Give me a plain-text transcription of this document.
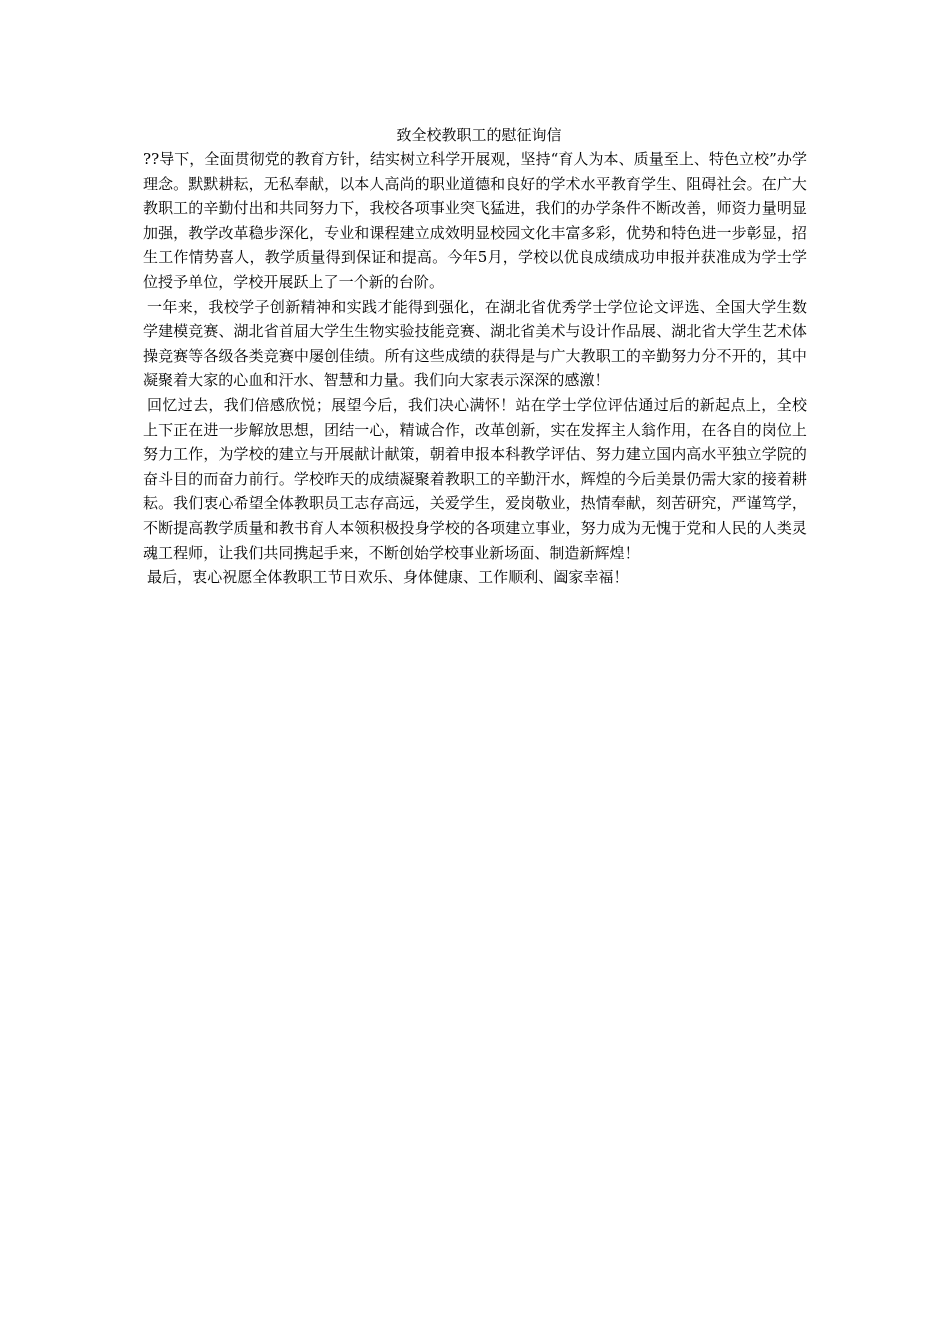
致全校教职工的慰征询信

??导下，全面贯彻党的教育方针，结实树立科学开展观，坚持“育人为本、质量至上、特色立校”办学理念。默默耕耘，无私奉献，以本人高尚的职业道德和良好的学术水平教育学生、阻碍社会。在广大教职工的辛勤付出和共同努力下，我校各项事业突飞猛进，我们的办学条件不断改善，师资力量明显加强，教学改革稳步深化，专业和课程建立成效明显校园文化丰富多彩，优势和特色进一步彰显，招生工作情势喜人，教学质量得到保证和提高。今年5月，学校以优良成绩成功申报并获准成为学士学位授予单位，学校开展跃上了一个新的台阶。

一年来，我校学子创新精神和实践才能得到强化，在湖北省优秀学士学位论文评选、全国大学生数学建模竞赛、湖北省首届大学生生物实验技能竞赛、湖北省美术与设计作品展、湖北省大学生艺术体操竞赛等各级各类竞赛中屡创佳绩。所有这些成绩的获得是与广大教职工的辛勤努力分不开的，其中凝聚着大家的心血和汗水、智慧和力量。我们向大家表示深深的感激！

回忆过去，我们倍感欣悦；展望今后，我们决心满怀！站在学士学位评估通过后的新起点上，全校上下正在进一步解放思想，团结一心，精诚合作，改革创新，实在发挥主人翁作用，在各自的岗位上努力工作，为学校的建立与开展献计献策，朝着申报本科教学评估、努力建立国内高水平独立学院的奋斗目的而奋力前行。学校昨天的成绩凝聚着教职工的辛勤汗水，辉煌的今后美景仍需大家的接着耕耘。我们衷心希望全体教职员工志存高远，关爱学生，爱岗敬业，热情奉献，刻苦研究，严谨笃学，不断提高教学质量和教书育人本领积极投身学校的各项建立事业，努力成为无愧于党和人民的人类灵魂工程师，让我们共同携起手来，不断创始学校事业新场面、制造新辉煌！

最后，衷心祝愿全体教职工节日欢乐、身体健康、工作顺利、阖家幸福！
